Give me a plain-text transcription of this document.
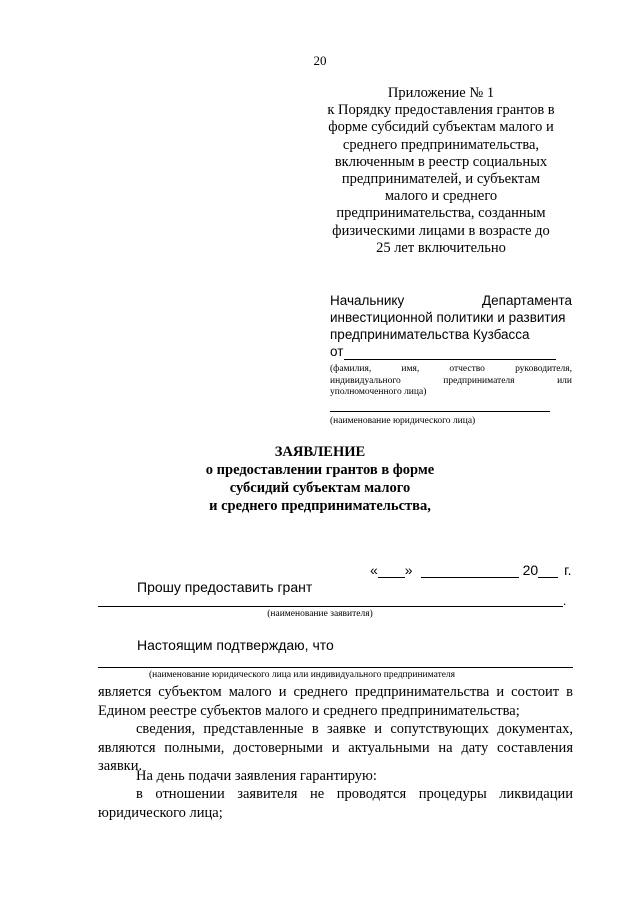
20
Приложение № 1
к Порядку предоставления грантов в
форме субсидий субъектам малого и
среднего предпринимательства,
включенным в реестр социальных
предпринимателей, и субъектам
малого и среднего
предпринимательства, созданным
физическими лицами в возрасте до
25 лет включительно
Начальнику	Департамента
инвестиционной политики и развития
предпринимательства Кузбасса
от
(фамилия,	имя,	отчество	руководителя,
индивидуального	предпринимателя	или
уполномоченного лица)
(наименование юридического лица)
ЗАЯВЛЕНИЕ
о предоставлении грантов в форме
субсидий субъектам малого
и среднего предпринимательства,
« »	20 г.
Прошу предоставить грант
.
(наименование заявителя)
Настоящим подтверждаю, что
(наименование юридического лица или индивидуального предпринимателя
является субъектом малого и среднего предпринимательства и состоит в Едином реестре субъектов малого и среднего предпринимательства;
сведения, представленные в заявке и сопутствующих документах, являются полными, достоверными и актуальными на дату составления заявки.
На день подачи заявления гарантирую:
в отношении заявителя не проводятся процедуры ликвидации юридического лица;
